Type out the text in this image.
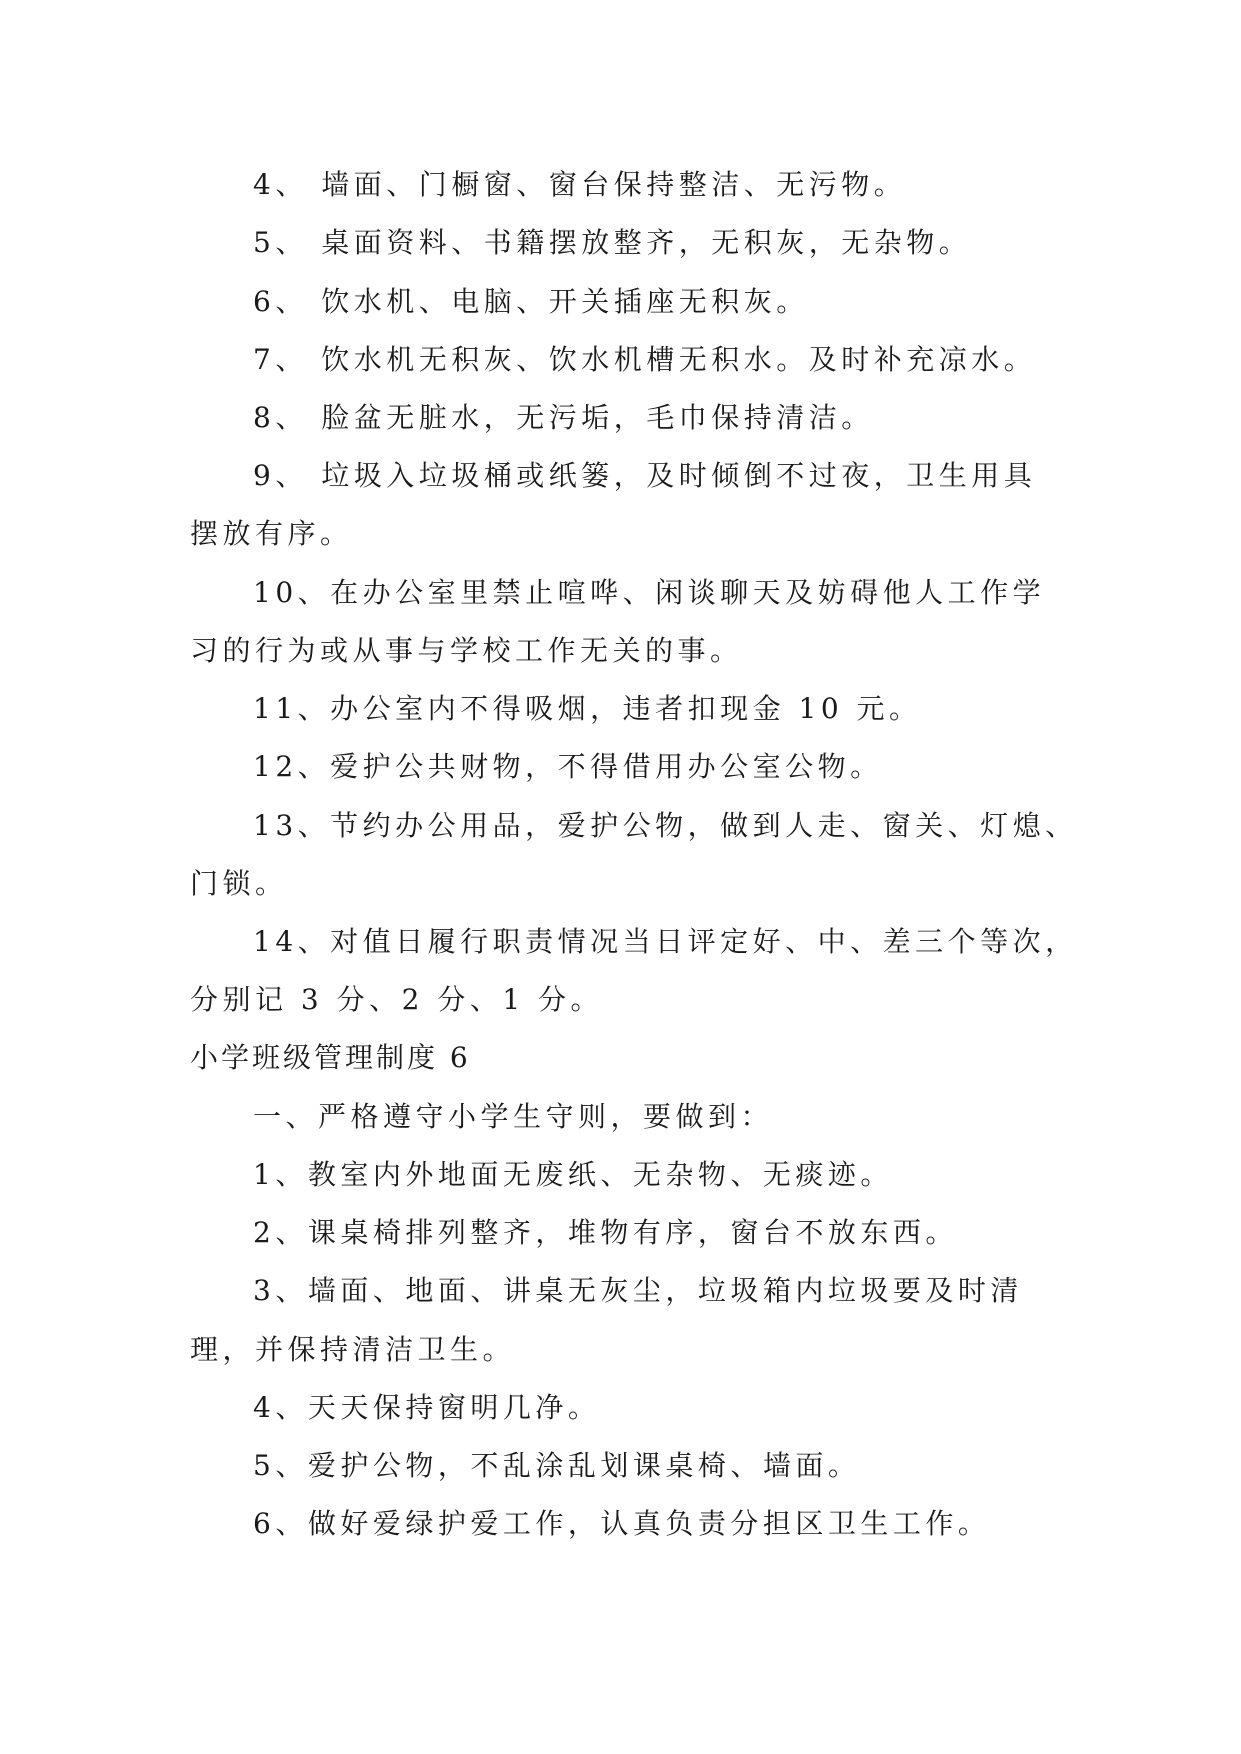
4、 墙面、门橱窗、窗台保持整洁、无污物。
5、 桌面资料、书籍摆放整齐，无积灰，无杂物。
6、 饮水机、电脑、开关插座无积灰。
7、 饮水机无积灰、饮水机槽无积水。及时补充凉水。
8、 脸盆无脏水，无污垢，毛巾保持清洁。
9、 垃圾入垃圾桶或纸篓，及时倾倒不过夜，卫生用具
摆放有序。
10、在办公室里禁止喧哗、闲谈聊天及妨碍他人工作学
习的行为或从事与学校工作无关的事。
11、办公室内不得吸烟，违者扣现金 10 元。
12、爱护公共财物，不得借用办公室公物。
13、节约办公用品，爱护公物，做到人走、窗关、灯熄、
门锁。
14、对值日履行职责情况当日评定好、中、差三个等次，
分别记 3 分、2 分、1 分。
小学班级管理制度 6
一、严格遵守小学生守则，要做到：
1、教室内外地面无废纸、无杂物、无痰迹。
2、课桌椅排列整齐，堆物有序，窗台不放东西。
3、墙面、地面、讲桌无灰尘，垃圾箱内垃圾要及时清
理，并保持清洁卫生。
4、天天保持窗明几净。
5、爱护公物，不乱涂乱划课桌椅、墙面。
6、做好爱绿护爱工作，认真负责分担区卫生工作。
